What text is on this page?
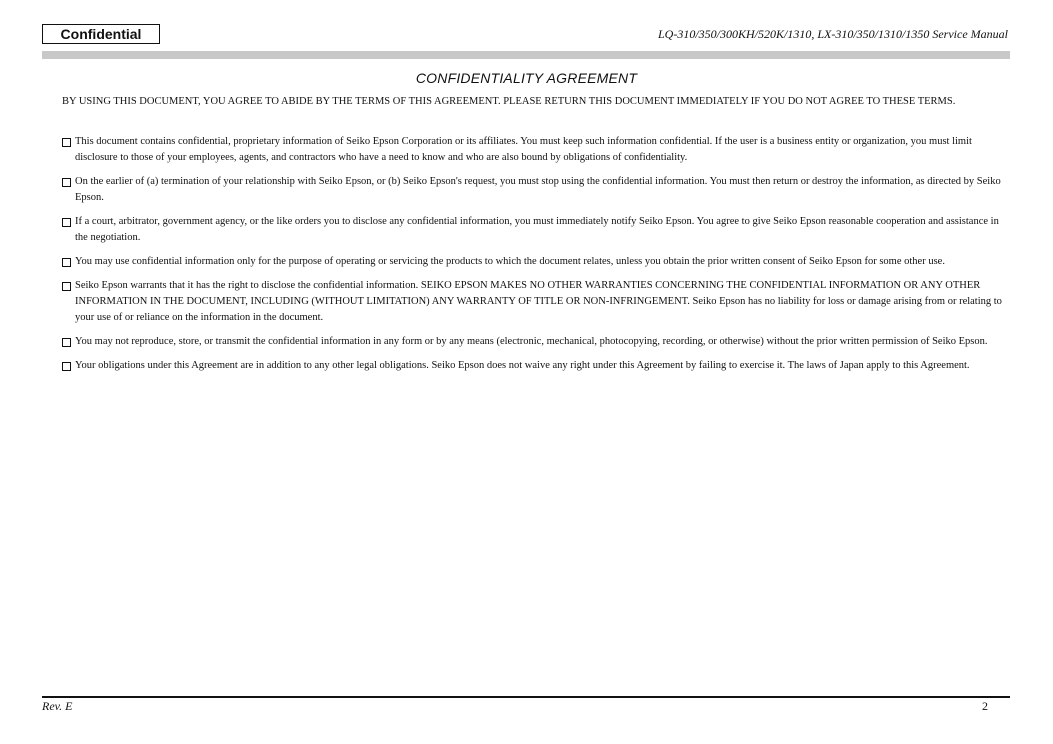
Confidential	LQ-310/350/300KH/520K/1310, LX-310/350/1310/1350 Service Manual
CONFIDENTIALITY AGREEMENT
BY USING THIS DOCUMENT, YOU AGREE TO ABIDE BY THE TERMS OF THIS AGREEMENT. PLEASE RETURN THIS DOCUMENT IMMEDIATELY IF YOU DO NOT AGREE TO THESE TERMS.
This document contains confidential, proprietary information of Seiko Epson Corporation or its affiliates. You must keep such information confidential. If the user is a business entity or organization, you must limit disclosure to those of your employees, agents, and contractors who have a need to know and who are also bound by obligations of confidentiality.
On the earlier of (a) termination of your relationship with Seiko Epson, or (b) Seiko Epson's request, you must stop using the confidential information. You must then return or destroy the information, as directed by Seiko Epson.
If a court, arbitrator, government agency, or the like orders you to disclose any confidential information, you must immediately notify Seiko Epson. You agree to give Seiko Epson reasonable cooperation and assistance in the negotiation.
You may use confidential information only for the purpose of operating or servicing the products to which the document relates, unless you obtain the prior written consent of Seiko Epson for some other use.
Seiko Epson warrants that it has the right to disclose the confidential information. SEIKO EPSON MAKES NO OTHER WARRANTIES CONCERNING THE CONFIDENTIAL INFORMATION OR ANY OTHER INFORMATION IN THE DOCUMENT, INCLUDING (WITHOUT LIMITATION) ANY WARRANTY OF TITLE OR NON-INFRINGEMENT. Seiko Epson has no liability for loss or damage arising from or relating to your use of or reliance on the information in the document.
You may not reproduce, store, or transmit the confidential information in any form or by any means (electronic, mechanical, photocopying, recording, or otherwise) without the prior written permission of Seiko Epson.
Your obligations under this Agreement are in addition to any other legal obligations. Seiko Epson does not waive any right under this Agreement by failing to exercise it. The laws of Japan apply to this Agreement.
Rev. E	2
